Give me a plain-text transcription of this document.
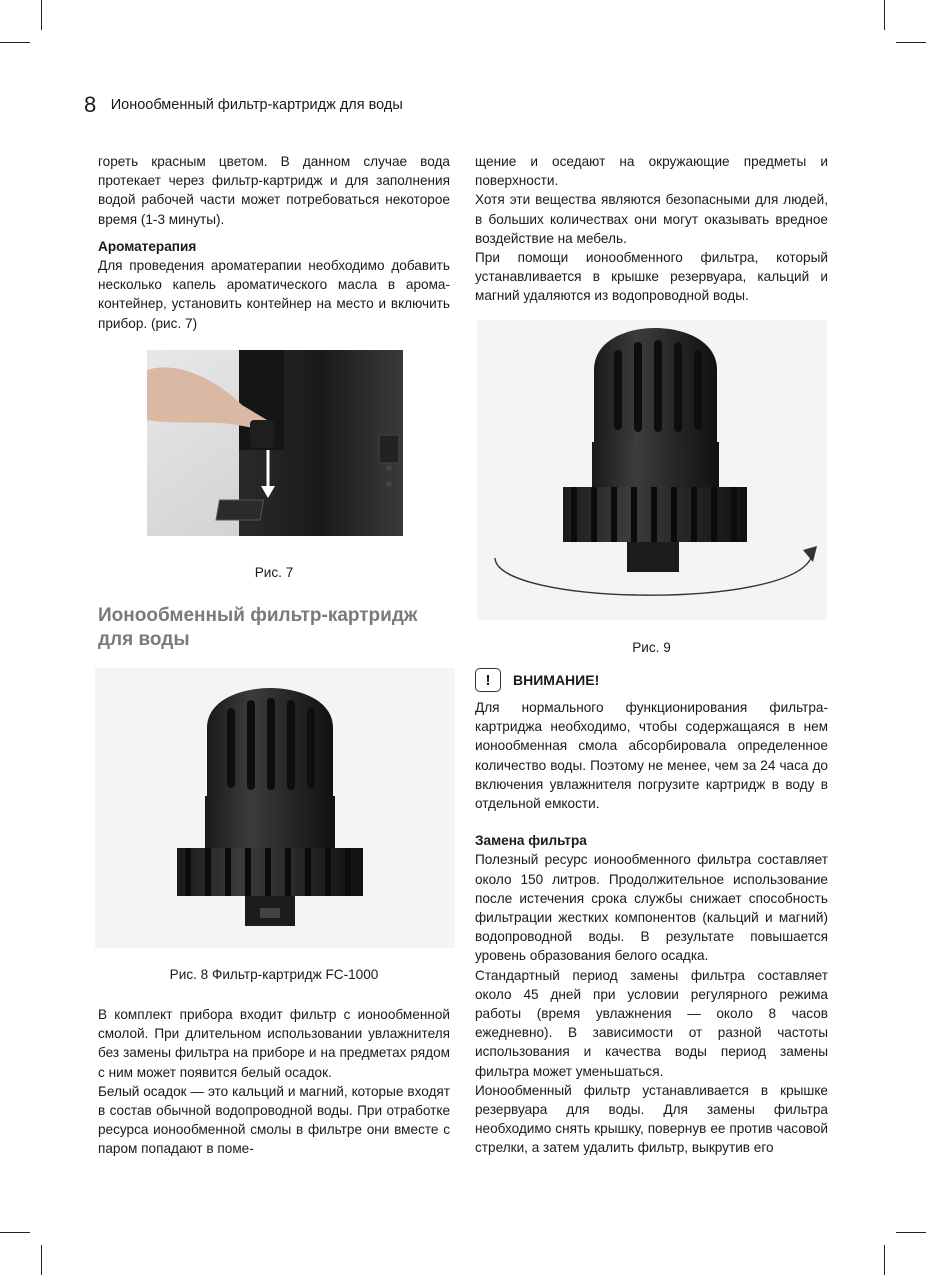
8 Ионообменный фильтр-картридж для воды

гореть красным цветом. В данном случае вода протекает через фильтр-картридж и для заполнения водой рабочей части может потребоваться некоторое время (1-3 минуты).

Ароматерапия

Для проведения ароматерапии необходимо добавить несколько капель ароматического масла в арома-контейнер, установить контейнер на место и включить прибор. (рис. 7)

Рис. 7
Ионообменный фильтр-картридж
для воды
Рис. 8 Фильтр-картридж FC-1000

В комплект прибора входит фильтр с ионообменной смолой. При длительном использовании увлажнителя без замены фильтра на приборе и на предметах рядом с ним может появится белый осадок.

Белый осадок — это кальций и магний, которые входят в состав обычной водопроводной воды. При отработке ресурса ионообменной смолы в фильтре они вместе с паром попадают в поме-

щение и оседают на окружающие предметы и поверхности.

Хотя эти вещества являются безопасными для людей, в больших количествах они могут оказывать вредное воздействие на мебель.

При помощи ионообменного фильтра, который устанавливается в крышке резервуара, кальций и магний удаляются из водопроводной воды.

Рис. 9
!	ВНИМАНИЕ!

Для нормального функционирования фильтра-картриджа необходимо, чтобы содержащаяся в нем ионообменная смола абсорбировала определенное количество воды. Поэтому не менее, чем за 24 часа до включения увлажнителя погрузите картридж в воду в отдельной емкости.

Замена фильтра

Полезный ресурс ионообменного фильтра составляет около 150 литров. Продолжительное использование после истечения срока службы снижает способность фильтрации жестких компонентов (кальций и магний) водопроводной воды. В результате повышается уровень образования белого осадка.

Стандартный период замены фильтра составляет около 45 дней при условии регулярного режима работы (время увлажнения — около 8 часов ежедневно). В зависимости от разной частоты использования и качества воды период замены фильтра может уменьшаться.

Ионообменный фильтр устанавливается в крышке резервуара для воды. Для замены фильтра необходимо снять крышку, повернув ее против часовой стрелки, а затем удалить фильтр, выкрутив его
